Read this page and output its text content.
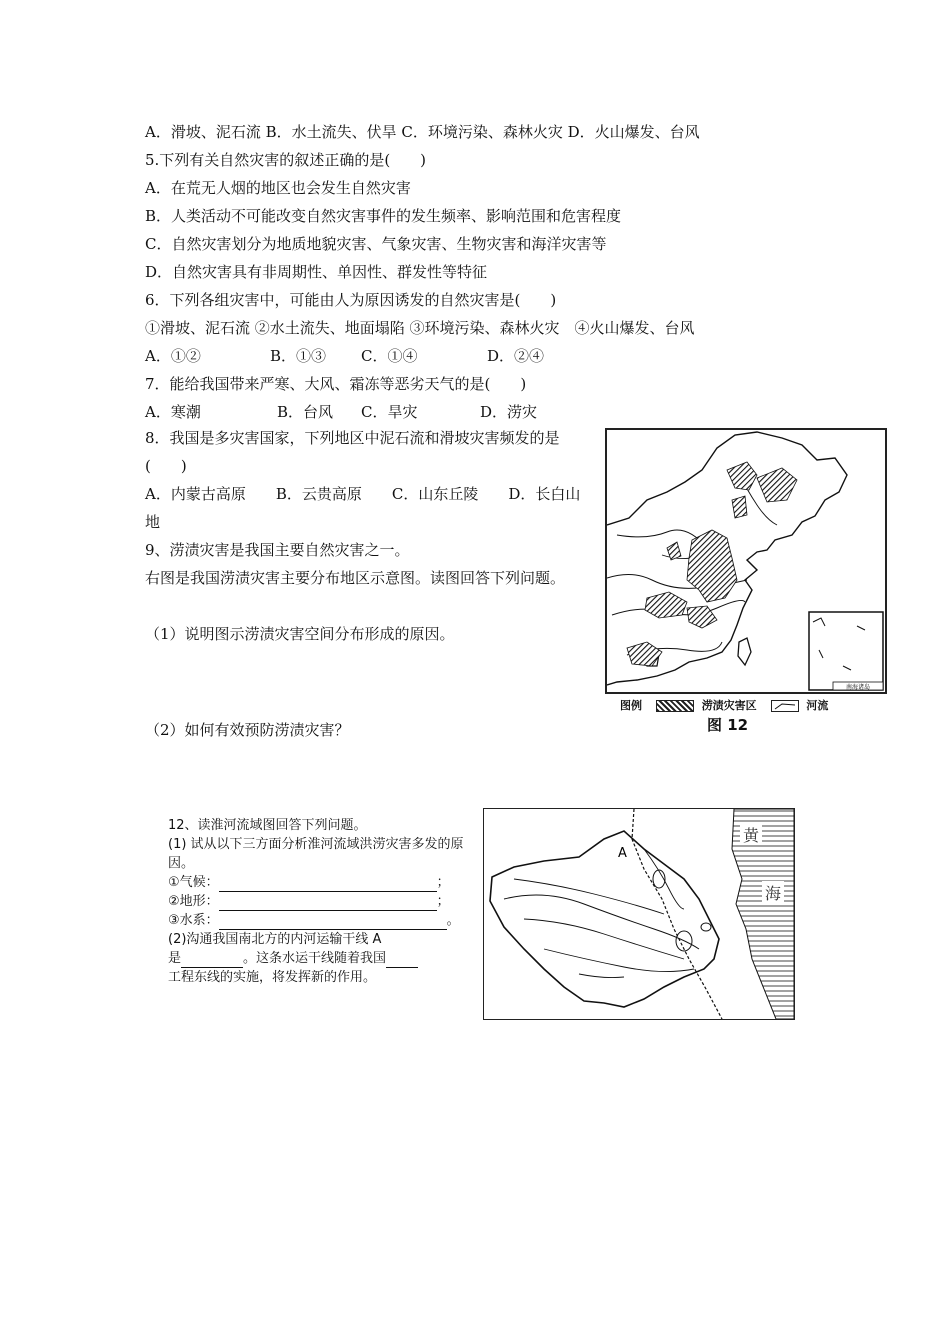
A．滑坡、泥石流 B．水土流失、伏旱 C．环境污染、森林火灾 D．火山爆发、台风
5.下列有关自然灾害的叙述正确的是(　　)
A．在荒无人烟的地区也会发生自然灾害
B．人类活动不可能改变自然灾害事件的发生频率、影响范围和危害程度
C．自然灾害划分为地质地貌灾害、气象灾害、生物灾害和海洋灾害等
D．自然灾害具有非周期性、单因性、群发性等特征
6．下列各组灾害中，可能由人为原因诱发的自然灾害是(　　)
①滑坡、泥石流 ②水土流失、地面塌陷 ③环境污染、森林火灾　④火山爆发、台风
A．①②	B．①③ C．①④	D．②④
7．能给我国带来严寒、大风、霜冻等恶劣天气的是(　　)
A．寒潮	B．台风 C．旱灾	D．涝灾
8．我国是多灾害国家，下列地区中泥石流和滑坡灾害频发的是(　　)
A．内蒙古高原　　B．云贵高原　　C．山东丘陵　　D．长白山地
9、涝渍灾害是我国主要自然灾害之一。
右图是我国涝渍灾害主要分布地区示意图。读图回答下列问题。
（1）说明图示涝渍灾害空间分布形成的原因。
（2）如何有效预防涝渍灾害？
南海诸岛
图例	涝渍灾害区	河流
图 12
12、读淮河流域图回答下列问题。
(1) 试从以下三方面分析淮河流域洪涝灾害多发的原因。
①气候：	；
②地形：	；
③水系：	。
(2)沟通我国南北方的内河运输干线 A
是	。这条水运干线随着我国
工程东线的实施，将发挥新的作用。
黄
海
A
